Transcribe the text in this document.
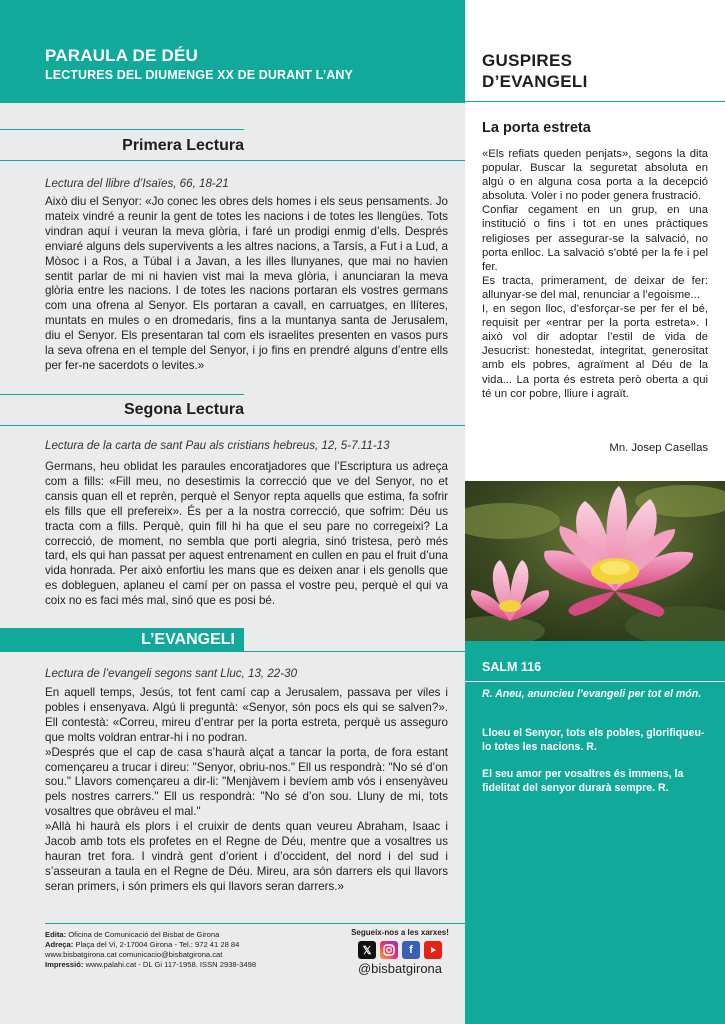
PARAULA DE DÉU
LECTURES DEL DIUMENGE XX DE DURANT L’ANY
Primera Lectura
Lectura del llibre d’Isaïes, 66, 18-21
Això diu el Senyor: «Jo conec les obres dels homes i els seus pensaments. Jo mateix vindré a reunir la gent de totes les nacions i de totes les llengües. Tots vindran aquí i veuran la meva glòria, i faré un prodigi enmig d’ells. Després enviaré alguns dels supervivents a les altres nacions, a Tarsís, a Fut i a Lud, a Mòsoc i a Ros, a Túbal i a Javan, a les illes llunyanes, que mai no havien sentit parlar de mi ni havien vist mai la meva glòria, i anunciaran la meva glòria entre les nacions. I de totes les nacions portaran els vostres germans com una ofrena al Senyor. Els portaran a cavall, en carruatges, en llíteres, muntats en mules o en dromedaris, fins a la muntanya santa de Jerusalem, diu el Senyor. Els presentaran tal com els israelites presenten en vasos purs la seva ofrena en el temple del Senyor, i jo fins en prendré alguns d’entre ells per fer-ne sacerdots o levites.»
Segona Lectura
Lectura de la carta de sant Pau als cristians hebreus, 12, 5-7.11-13
Germans, heu oblidat les paraules encoratjadores que l’Escriptura us adreça com a fills: «Fill meu, no desestimis la correcció que ve del Senyor, no et cansis quan ell et reprèn, perquè el Senyor repta aquells que estima, fa sofrir els fills que ell prefereix». És per a la nostra correcció, que sofrim: Déu us tracta com a fills. Perquè, quin fill hi ha que el seu pare no corregeixi? La correcció, de moment, no sembla que porti alegria, sinó tristesa, però més tard, els qui han passat per aquest entrenament en cullen en pau el fruit d’una vida honrada. Per això enfortiu les mans que es deixen anar i els genolls que es dobleguen, aplaneu el camí per on passa el vostre peu, perquè el qui va coix no es faci més mal, sinó que es posi bé.
L’EVANGELI
Lectura de l’evangeli segons sant Lluc, 13, 22-30

En aquell temps, Jesús, tot fent camí cap a Jerusalem, passava per viles i pobles i ensenyava. Algú li preguntà: «Senyor, són pocs els qui se salven?». Ell contestà: «Correu, mireu d’entrar per la porta estreta, perquè us asseguro que molts voldran entrar-hi i no podran.

»Després que el cap de casa s’haurà alçat a tancar la porta, de fora estant començareu a trucar i direu: "Senyor, obriu-nos." Ell us respondrà: "No sé d’on sou." Llavors començareu a dir-li: "Menjàvem i bevíem amb vós i ensenyàveu pels nostres carrers." Ell us respondrà: "No sé d’on sou. Lluny de mi, tots vosaltres que obràveu el mal."

»Allà hi haurà els plors i el cruixir de dents quan veureu Abraham, Isaac i Jacob amb tots els profetes en el Regne de Déu, mentre que a vosaltres us hauran tret fora. I vindrà gent d’orient i d’occident, del nord i del sud i s’asseuran a taula en el Regne de Déu. Mireu, ara són darrers els qui llavors seran primers, i són primers els qui llavors seran darrers.»

Edita: Oficina de Comunicació del Bisbat de Girona
Adreça: Plaça del Vi, 2-17004 Girona - Tel.: 972 41 28 84
www.bisbatgirona.cat comunicacio@bisbatgirona.cat
Impressió: www.palahi.cat - DL Gi 117-1958. ISSN 2938-3498
Segueix-nos a les xarxes!
𝕏	f
@bisbatgirona
GUSPIRES
D’EVANGELI
La porta estreta

«Els refiats queden penjats», segons la dita popular. Buscar la seguretat absoluta en algú o en alguna cosa porta a la decepció absoluta. Voler i no poder genera frustració.

Confiar cegament en un grup, en una institució o fins i tot en unes pràctiques religioses per assegurar-se la salvació, no porta enlloc. La salvació s’obté per la fe i pel fer.

Es tracta, primerament, de deixar de fer: allunyar-se del mal, renunciar a l’egoisme...

I, en segon lloc, d’esforçar-se per fer el bé, requisit per «entrar per la porta estreta». I això vol dir adoptar l’estil de vida de Jesucrist: honestedat, integritat, generositat amb els pobres, agraïment al Déu de la vida... La porta és estreta però oberta a qui té un cor pobre, lliure i agraït.

Mn. Josep Casellas
SALM 116
R. Aneu, anuncieu l’evangeli per tot el món.
Lloeu el Senyor, tots els pobles, glorifiqueu-lo totes les nacions. R.
El seu amor per vosaltres és immens, la fidelitat del senyor durarà sempre. R.
